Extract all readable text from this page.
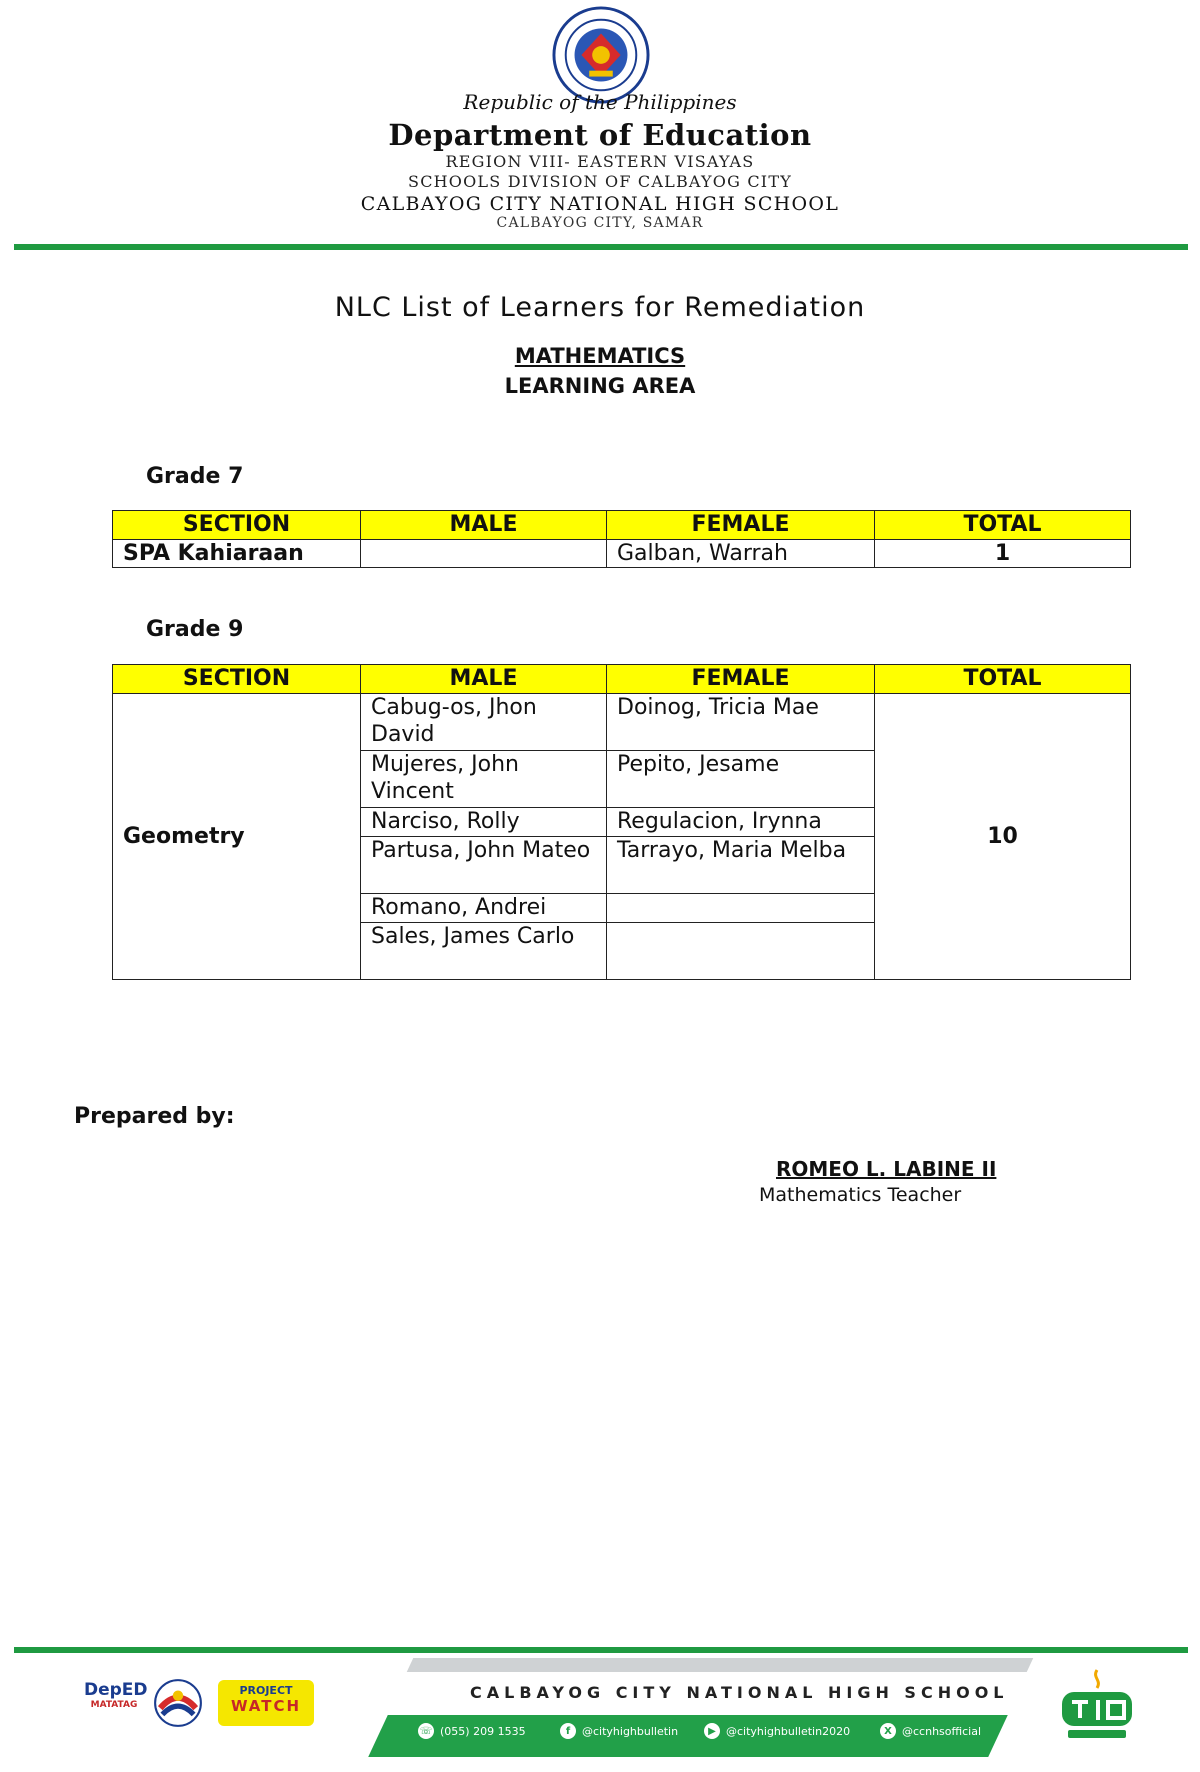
Republic of the Philippines
Department of Education
REGION VIII- EASTERN VISAYAS
SCHOOLS DIVISION OF CALBAYOG CITY
CALBAYOG CITY NATIONAL HIGH SCHOOL
CALBAYOG CITY, SAMAR
NLC List of Learners for Remediation
MATHEMATICS
LEARNING AREA
Grade 7
SECTION	MALE	FEMALE	TOTAL
SPA Kahiaraan		Galban, Warrah	1
Grade 9
SECTION	MALE	FEMALE	TOTAL
Geometry	Cabug-os, Jhon David	Doinog, Tricia Mae	10
	Mujeres, John Vincent	Pepito, Jesame	
	Narciso, Rolly	Regulacion, Irynna	
	Partusa, John Mateo	Tarrayo, Maria Melba	
	Romano, Andrei		
	Sales, James Carlo		
Prepared by:
ROMEO L. LABINE II
Mathematics Teacher
DepED
MATATAG
PROJECT
WATCH
CALBAYOG CITY NATIONAL HIGH SCHOOL
☏ (055) 209 1535	f	@cityhighbulletin	▶ @cityhighbulletin2020	X @ccnhsofficial
